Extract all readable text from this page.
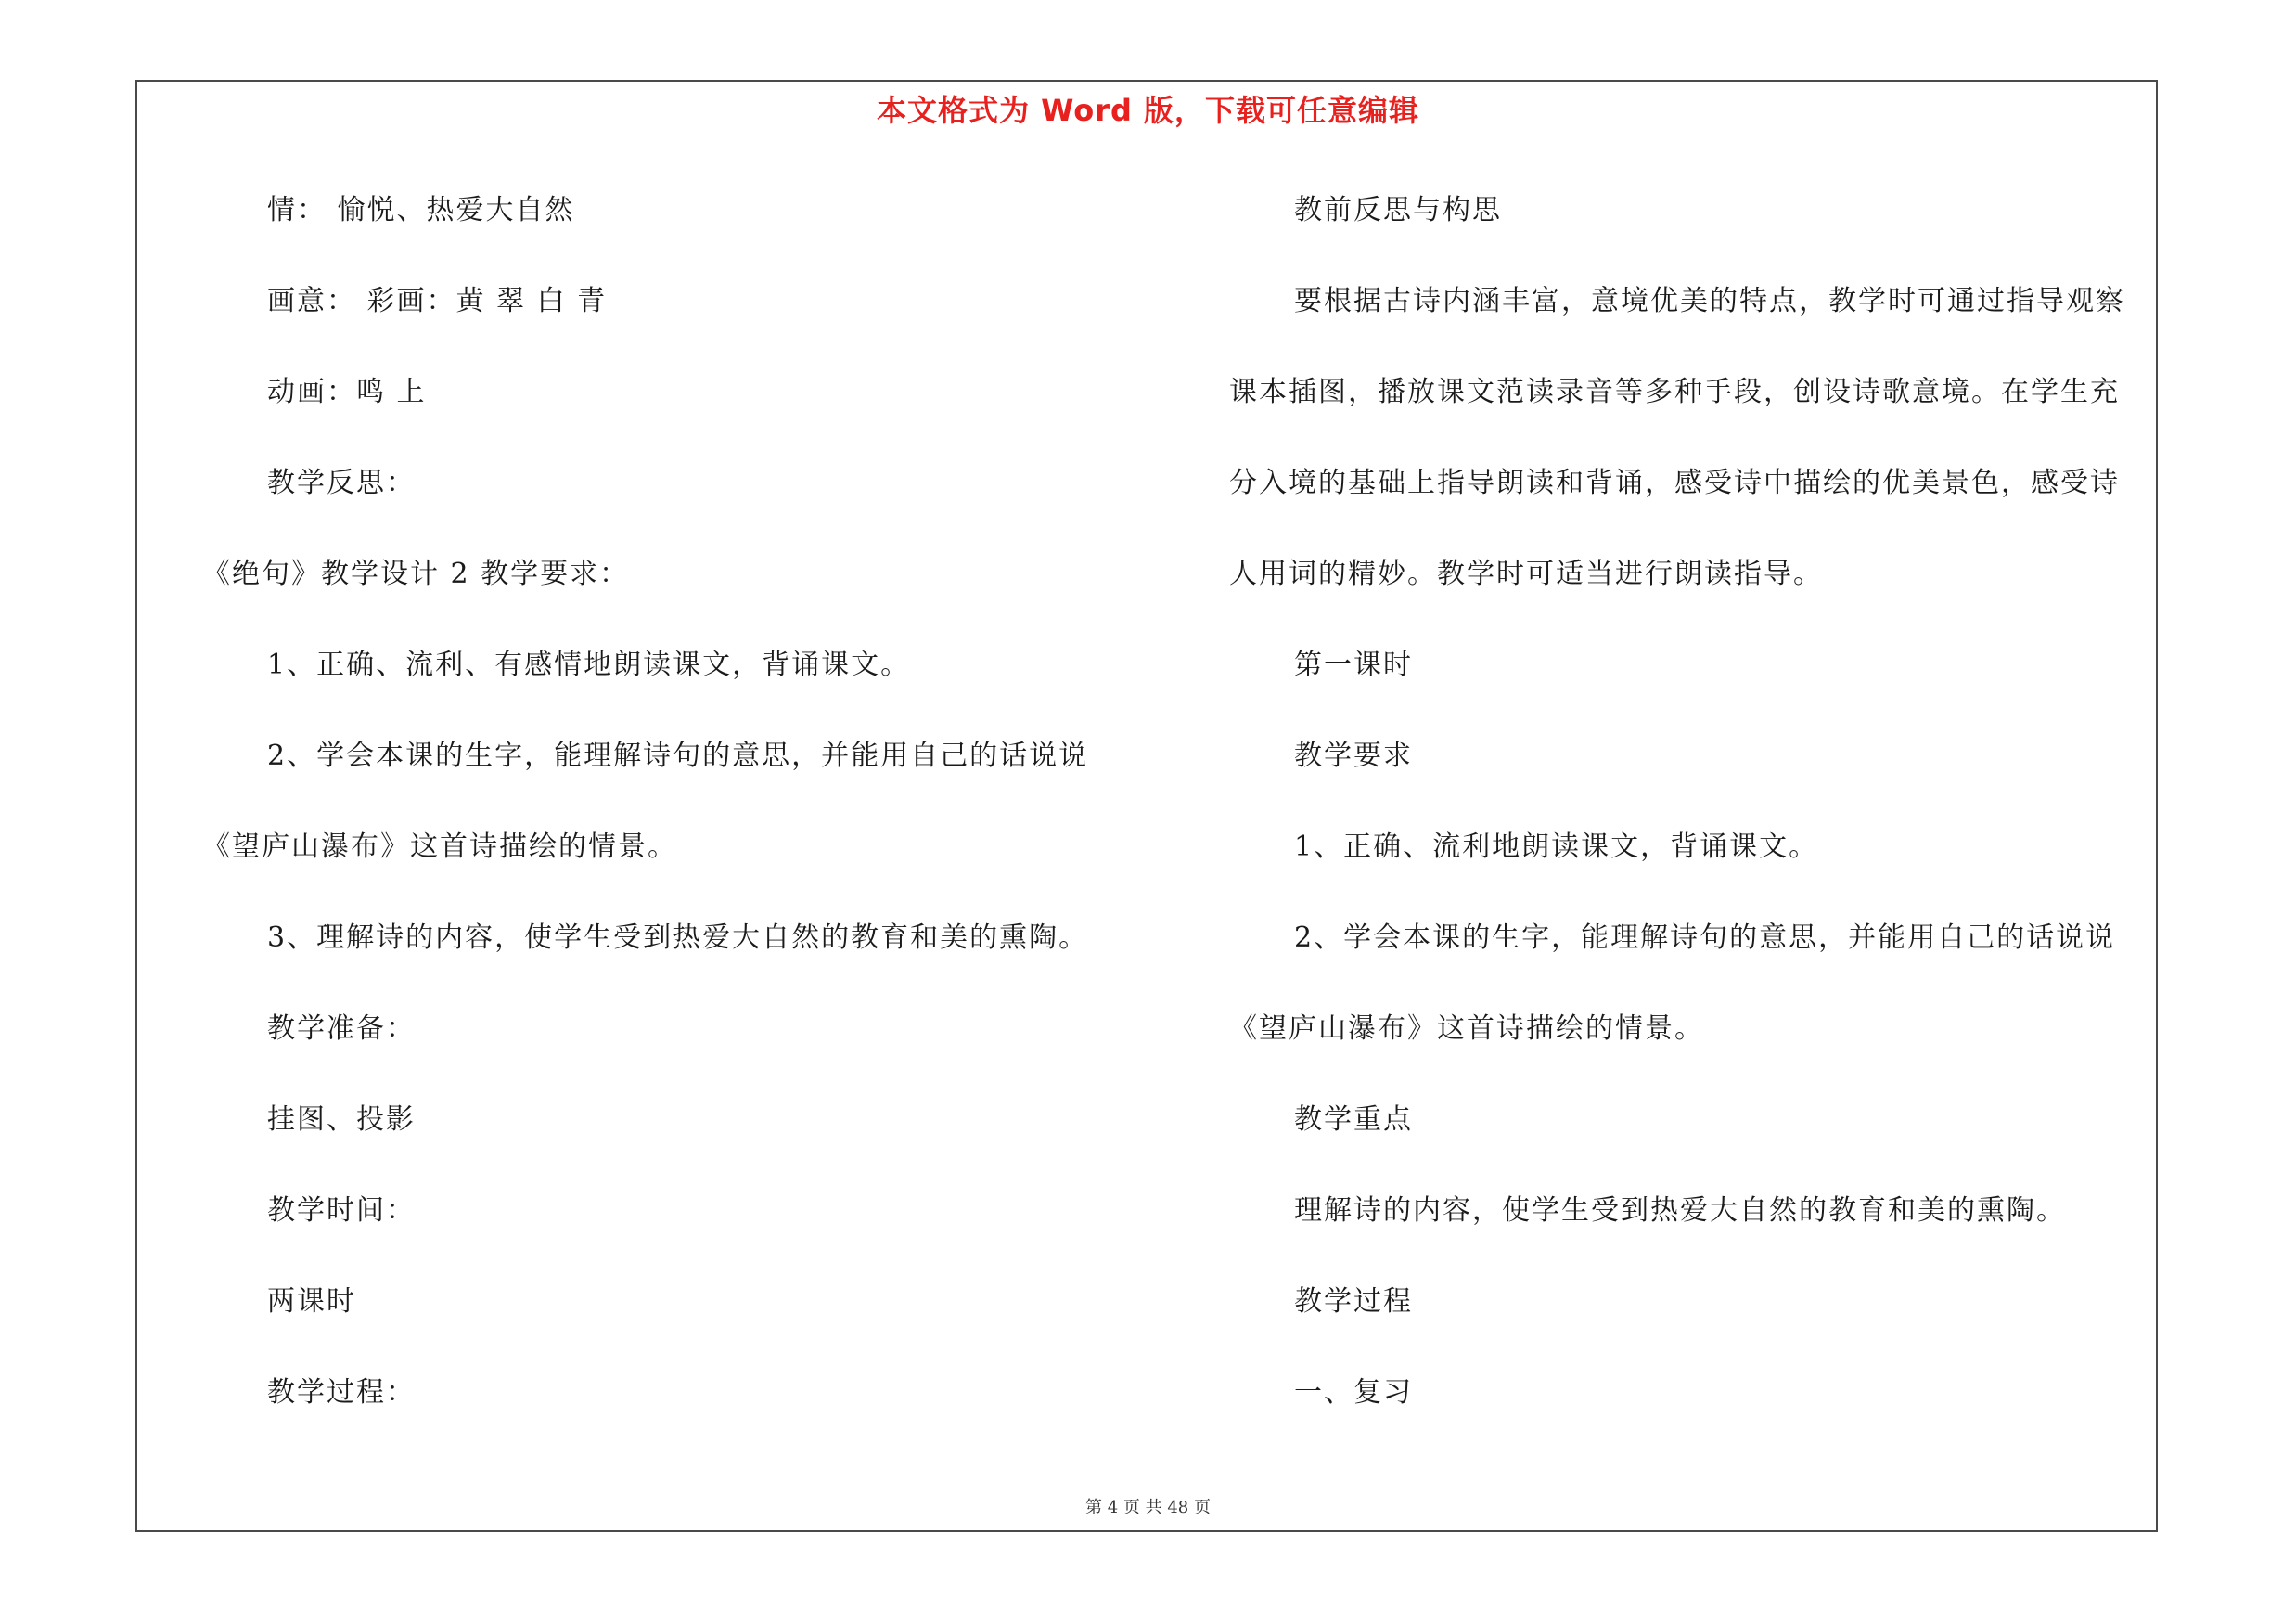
本文格式为 Word 版，下载可任意编辑
情： 愉悦、热爱大自然
画意： 彩画：黄 翠 白 青
动画：鸣 上
教学反思：
《绝句》教学设计 2 教学要求：
1、正确、流利、有感情地朗读课文，背诵课文。
2、学会本课的生字，能理解诗句的意思，并能用自己的话说说
《望庐山瀑布》这首诗描绘的情景。
3、理解诗的内容，使学生受到热爱大自然的教育和美的熏陶。
教学准备：
挂图、投影
教学时间：
两课时
教学过程：
教前反思与构思
要根据古诗内涵丰富，意境优美的特点，教学时可通过指导观察
课本插图，播放课文范读录音等多种手段，创设诗歌意境。在学生充
分入境的基础上指导朗读和背诵，感受诗中描绘的优美景色，感受诗
人用词的精妙。教学时可适当进行朗读指导。
第一课时
教学要求
1、正确、流利地朗读课文，背诵课文。
2、学会本课的生字，能理解诗句的意思，并能用自己的话说说
《望庐山瀑布》这首诗描绘的情景。
教学重点
理解诗的内容，使学生受到热爱大自然的教育和美的熏陶。
教学过程
一、复习
第 4 页 共 48 页
